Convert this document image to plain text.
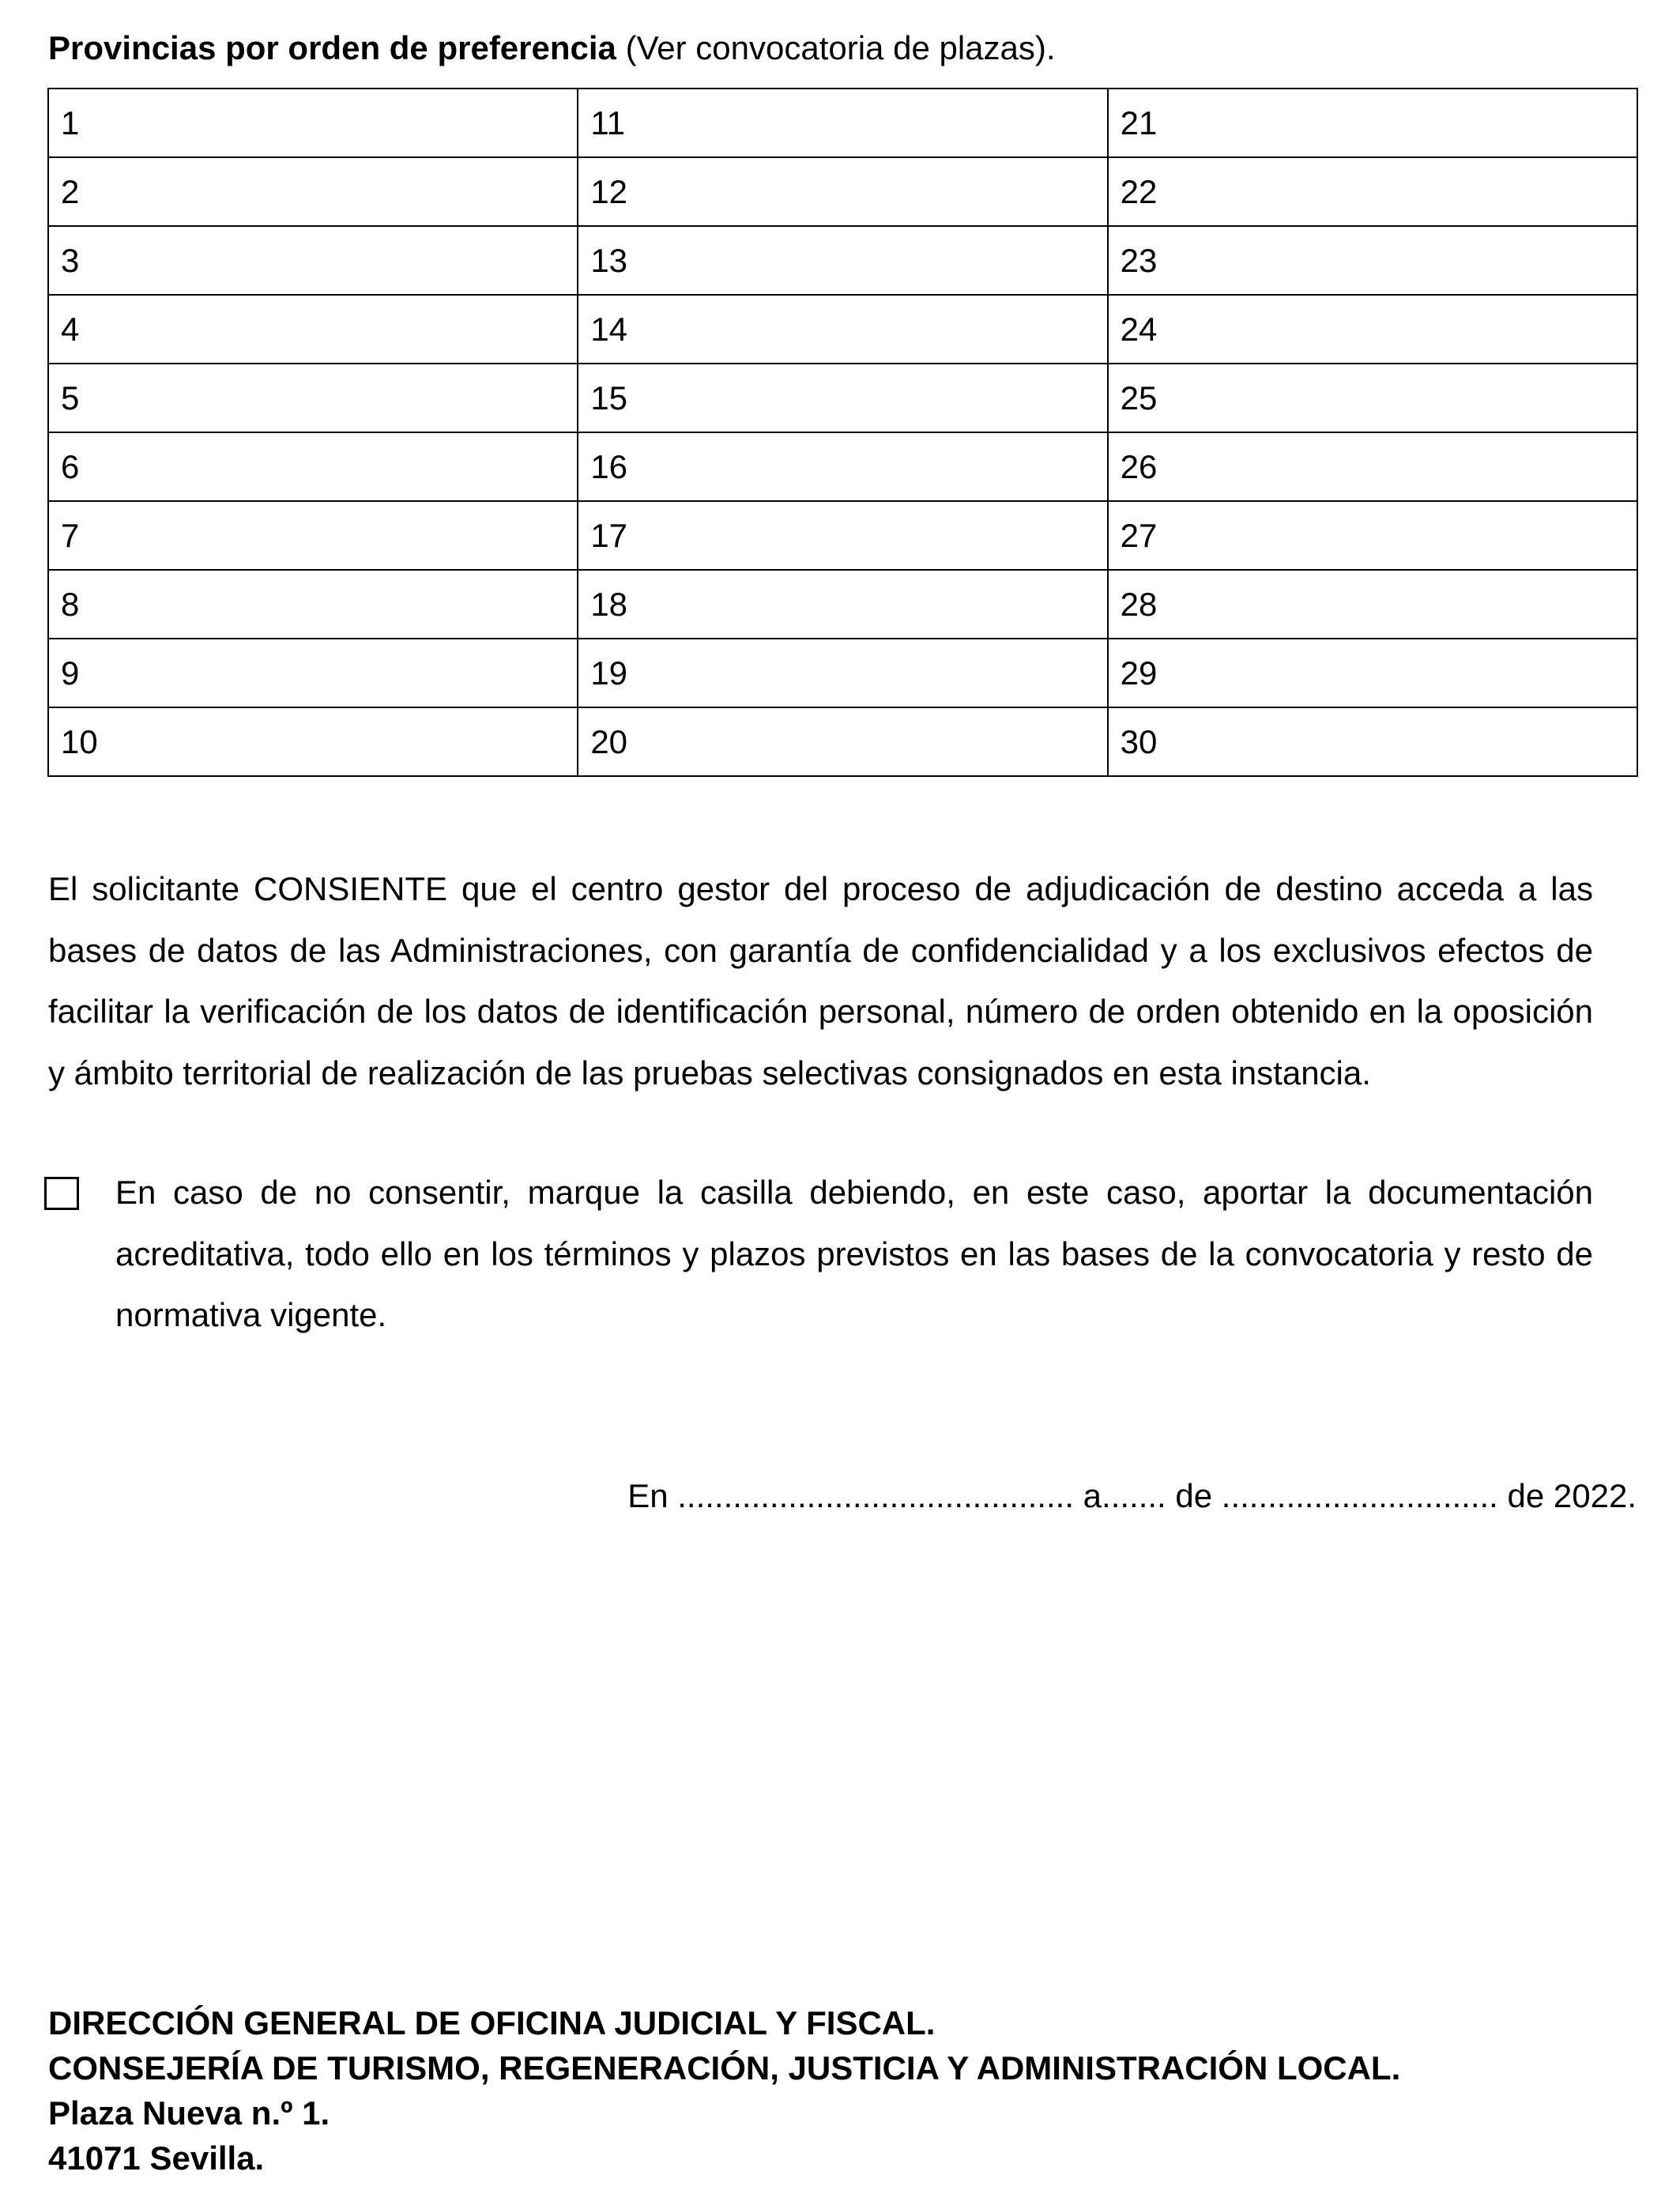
Provincias por orden de preferencia (Ver convocatoria de plazas).
1	11	21
2	12	22
3	13	23
4	14	24
5	15	25
6	16	26
7	17	27
8	18	28
9	19	29
10	20	30
El solicitante CONSIENTE que el centro gestor del proceso de adjudicación de destino acceda a las bases de datos de las Administraciones, con garantía de confidencialidad y a los exclusivos efectos de facilitar la verificación de los datos de identificación personal, número de orden obtenido en la oposición y ámbito territorial de realización de las pruebas selectivas consignados en esta instancia.
En caso de no consentir, marque la casilla debiendo, en este caso, aportar la documentación acreditativa, todo ello en los términos y plazos previstos en las bases de la convocatoria y resto de normativa vigente.
En ........................................... a....... de .............................. de 2022.
DIRECCIÓN GENERAL DE OFICINA JUDICIAL Y FISCAL.
CONSEJERÍA DE TURISMO, REGENERACIÓN, JUSTICIA Y ADMINISTRACIÓN LOCAL.
Plaza Nueva n.º 1.
41071 Sevilla.
